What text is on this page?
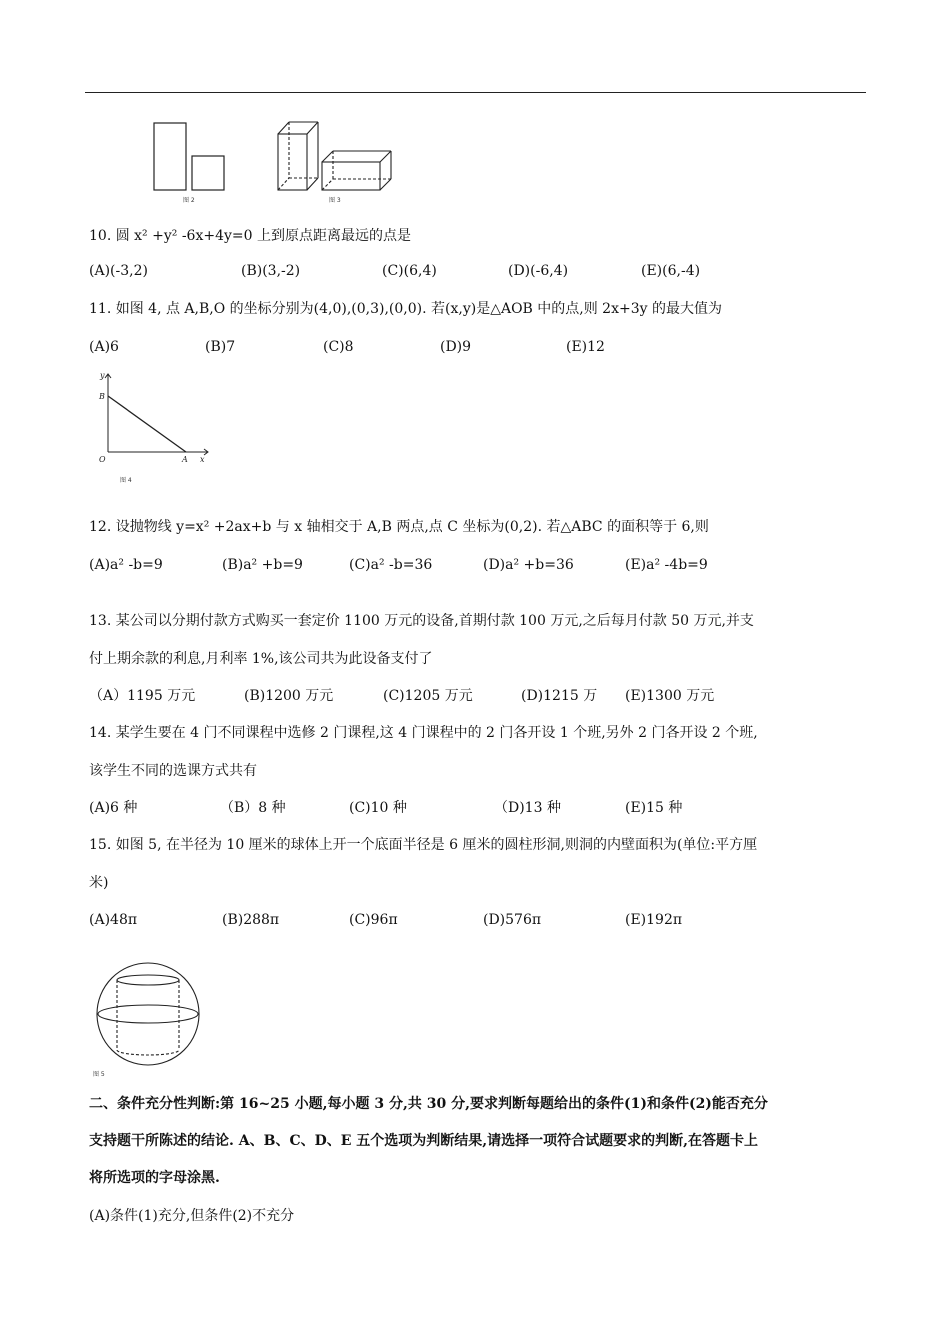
图 2	图 3
10. 圆 x² +y² -6x+4y=0 上到原点距离最远的点是
(A)(-3,2)	(B)(3,-2)	(C)(6,4)	(D)(-6,4)	(E)(6,-4)
11. 如图 4, 点 A,B,O 的坐标分别为(4,0),(0,3),(0,0). 若(x,y)是△AOB 中的点,则 2x+3y 的最大值为
(A)6	(B)7	(C)8	(D)9	(E)12
y
B
O	A x
图 4
12. 设抛物线 y=x² +2ax+b 与 x 轴相交于 A,B 两点,点 C 坐标为(0,2). 若△ABC 的面积等于 6,则
(A)a² -b=9	(B)a² +b=9	(C)a² -b=36	(D)a² +b=36	(E)a² -4b=9
13. 某公司以分期付款方式购买一套定价 1100 万元的设备,首期付款 100 万元,之后每月付款 50 万元,并支
付上期余款的利息,月利率 1%,该公司共为此设备支付了
（A）1195 万元	(B)1200 万元	(C)1205 万元	(D)1215 万 (E)1300 万元
14. 某学生要在 4 门不同课程中选修 2 门课程,这 4 门课程中的 2 门各开设 1 个班,另外 2 门各开设 2 个班,
该学生不同的选课方式共有
(A)6 种	（B）8 种	(C)10 种	（D)13 种	(E)15 种
15. 如图 5, 在半径为 10 厘米的球体上开一个底面半径是 6 厘米的圆柱形洞,则洞的内壁面积为(单位:平方厘
米)
(A)48π	(B)288π	(C)96π	(D)576π	(E)192π
图 5
二、条件充分性判断:第 16~25 小题,每小题 3 分,共 30 分,要求判断每题给出的条件(1)和条件(2)能否充分
支持题干所陈述的结论. A、B、C、D、E 五个选项为判断结果,请选择一项符合试题要求的判断,在答题卡上
将所选项的字母涂黑.
(A)条件(1)充分,但条件(2)不充分
